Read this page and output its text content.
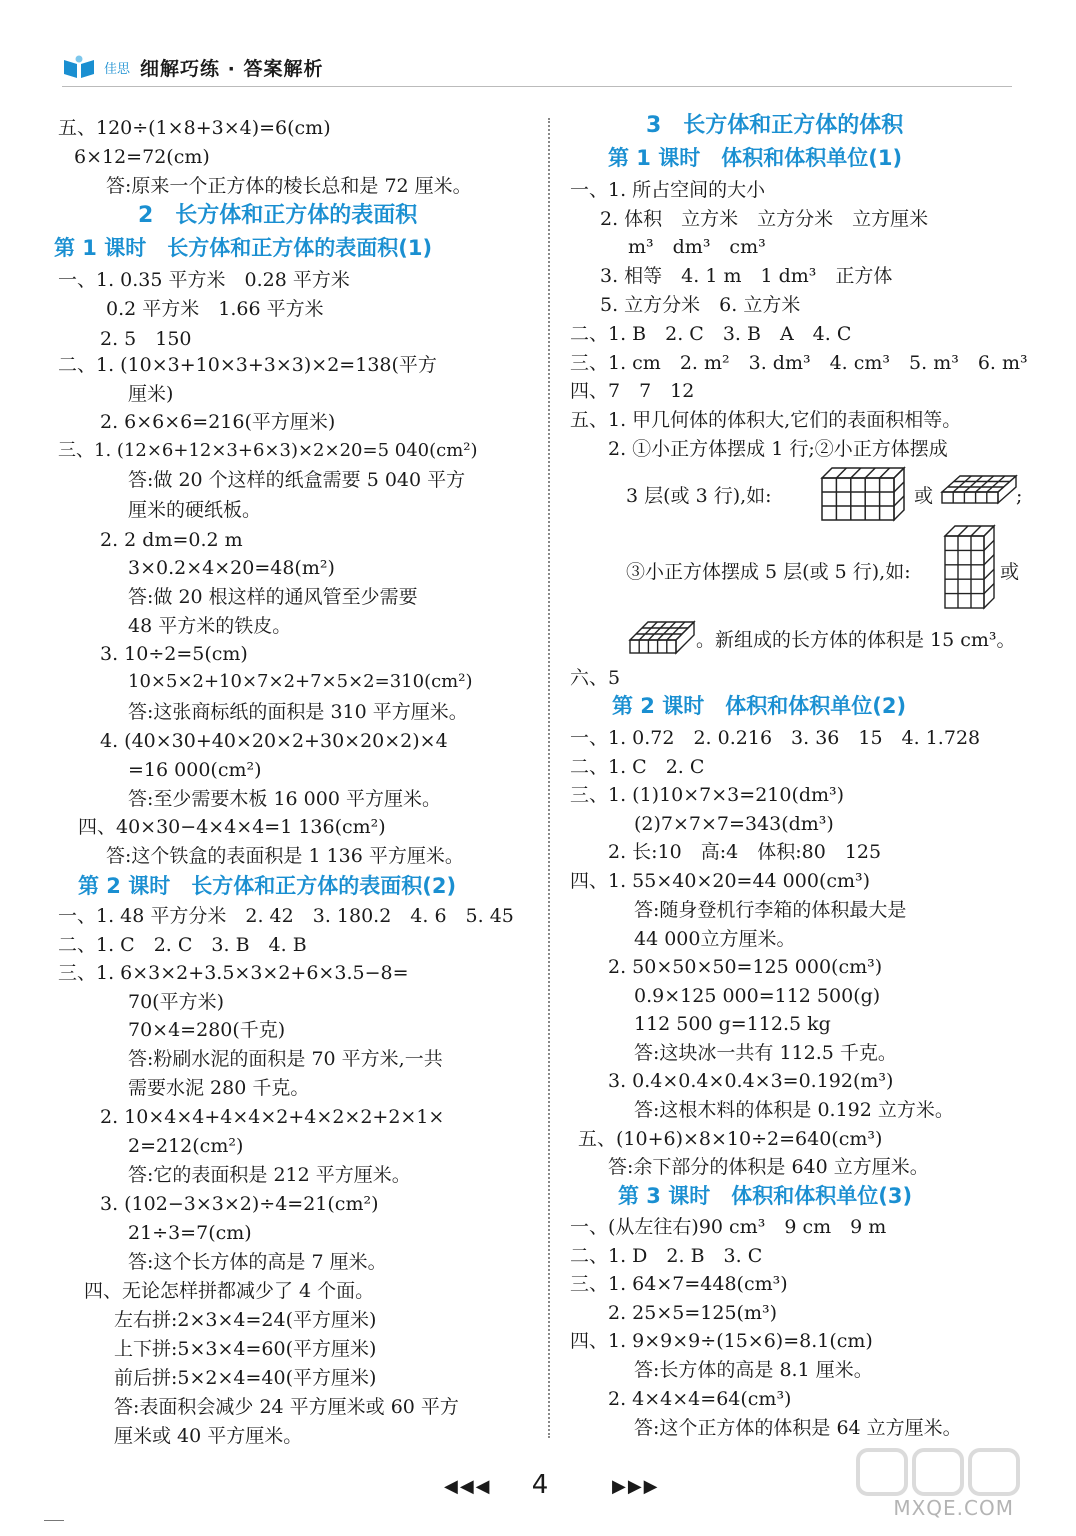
佳思 细解巧练 · 答案解析
五、120÷(1×8+3×4)=6(cm)
6×12=72(cm)
答:原来一个正方体的棱长总和是 72 厘米。
2　长方体和正方体的表面积
第 1 课时　长方体和正方体的表面积(1)
一、1. 0.35 平方米　0.28 平方米
0.2 平方米　1.66 平方米
2. 5　150
二、1. (10×3+10×3+3×3)×2=138(平方
厘米)
2. 6×6×6=216(平方厘米)
三、1. (12×6+12×3+6×3)×2×20=5 040(cm²)
答:做 20 个这样的纸盒需要 5 040 平方
厘米的硬纸板。
2. 2 dm=0.2 m
3×0.2×4×20=48(m²)
答:做 20 根这样的通风管至少需要
48 平方米的铁皮。
3. 10÷2=5(cm)
10×5×2+10×7×2+7×5×2=310(cm²)
答:这张商标纸的面积是 310 平方厘米。
4. (40×30+40×20×2+30×20×2)×4
=16 000(cm²)
答:至少需要木板 16 000 平方厘米。
四、40×30−4×4×4=1 136(cm²)
答:这个铁盒的表面积是 1 136 平方厘米。
第 2 课时　长方体和正方体的表面积(2)
一、1. 48 平方分米　2. 42　3. 180.2　4. 6　5. 45
二、1. C　2. C　3. B　4. B
三、1. 6×3×2+3.5×3×2+6×3.5−8=
70(平方米)
70×4=280(千克)
答:粉刷水泥的面积是 70 平方米,一共
需要水泥 280 千克。
2. 10×4×4+4×4×2+4×2×2+2×1×
2=212(cm²)
答:它的表面积是 212 平方厘米。
3. (102−3×3×2)÷4=21(cm²)
21÷3=7(cm)
答:这个长方体的高是 7 厘米。
四、无论怎样拼都减少了 4 个面。
左右拼:2×3×4=24(平方厘米)
上下拼:5×3×4=60(平方厘米)
前后拼:5×2×4=40(平方厘米)
答:表面积会减少 24 平方厘米或 60 平方
厘米或 40 平方厘米。
3　长方体和正方体的体积
第 1 课时　体积和体积单位(1)
一、1. 所占空间的大小
2. 体积　立方米　立方分米　立方厘米
m³　dm³　cm³
3. 相等　4. 1 m　1 dm³　正方体
5. 立方分米　6. 立方米
二、1. B　2. C　3. B　A　4. C
三、1. cm　2. m²　3. dm³　4. cm³　5. m³　6. m³
四、7　7　12
五、1. 甲几何体的体积大,它们的表面积相等。
2. ①小正方体摆成 1 行;②小正方体摆成
3 层(或 3 行),如:	或	;
③小正方体摆成 5 层(或 5 行),如:	或
。新组成的长方体的体积是 15 cm³。
六、5
第 2 课时　体积和体积单位(2)
一、1. 0.72　2. 0.216　3. 36　15　4. 1.728
二、1. C　2. C
三、1. (1)10×7×3=210(dm³)
(2)7×7×7=343(dm³)
2. 长:10　高:4　体积:80　125
四、1. 55×40×20=44 000(cm³)
答:随身登机行李箱的体积最大是
44 000立方厘米。
2. 50×50×50=125 000(cm³)
0.9×125 000=112 500(g)
112 500 g=112.5 kg
答:这块冰一共有 112.5 千克。
3. 0.4×0.4×0.4×3=0.192(m³)
答:这根木料的体积是 0.192 立方米。
五、(10+6)×8×10÷2=640(cm³)
答:余下部分的体积是 640 立方厘米。
第 3 课时　体积和体积单位(3)
一、(从左往右)90 cm³　9 cm　9 m
二、1. D　2. B　3. C
三、1. 64×7=448(cm³)
2. 25×5=125(m³)
四、1. 9×9×9÷(15×6)=8.1(cm)
答:长方体的高是 8.1 厘米。
2. 4×4×4=64(cm³)
答:这个正方体的体积是 64 立方厘米。
◀◀◀	4	▶▶▶
MXQE.COM
